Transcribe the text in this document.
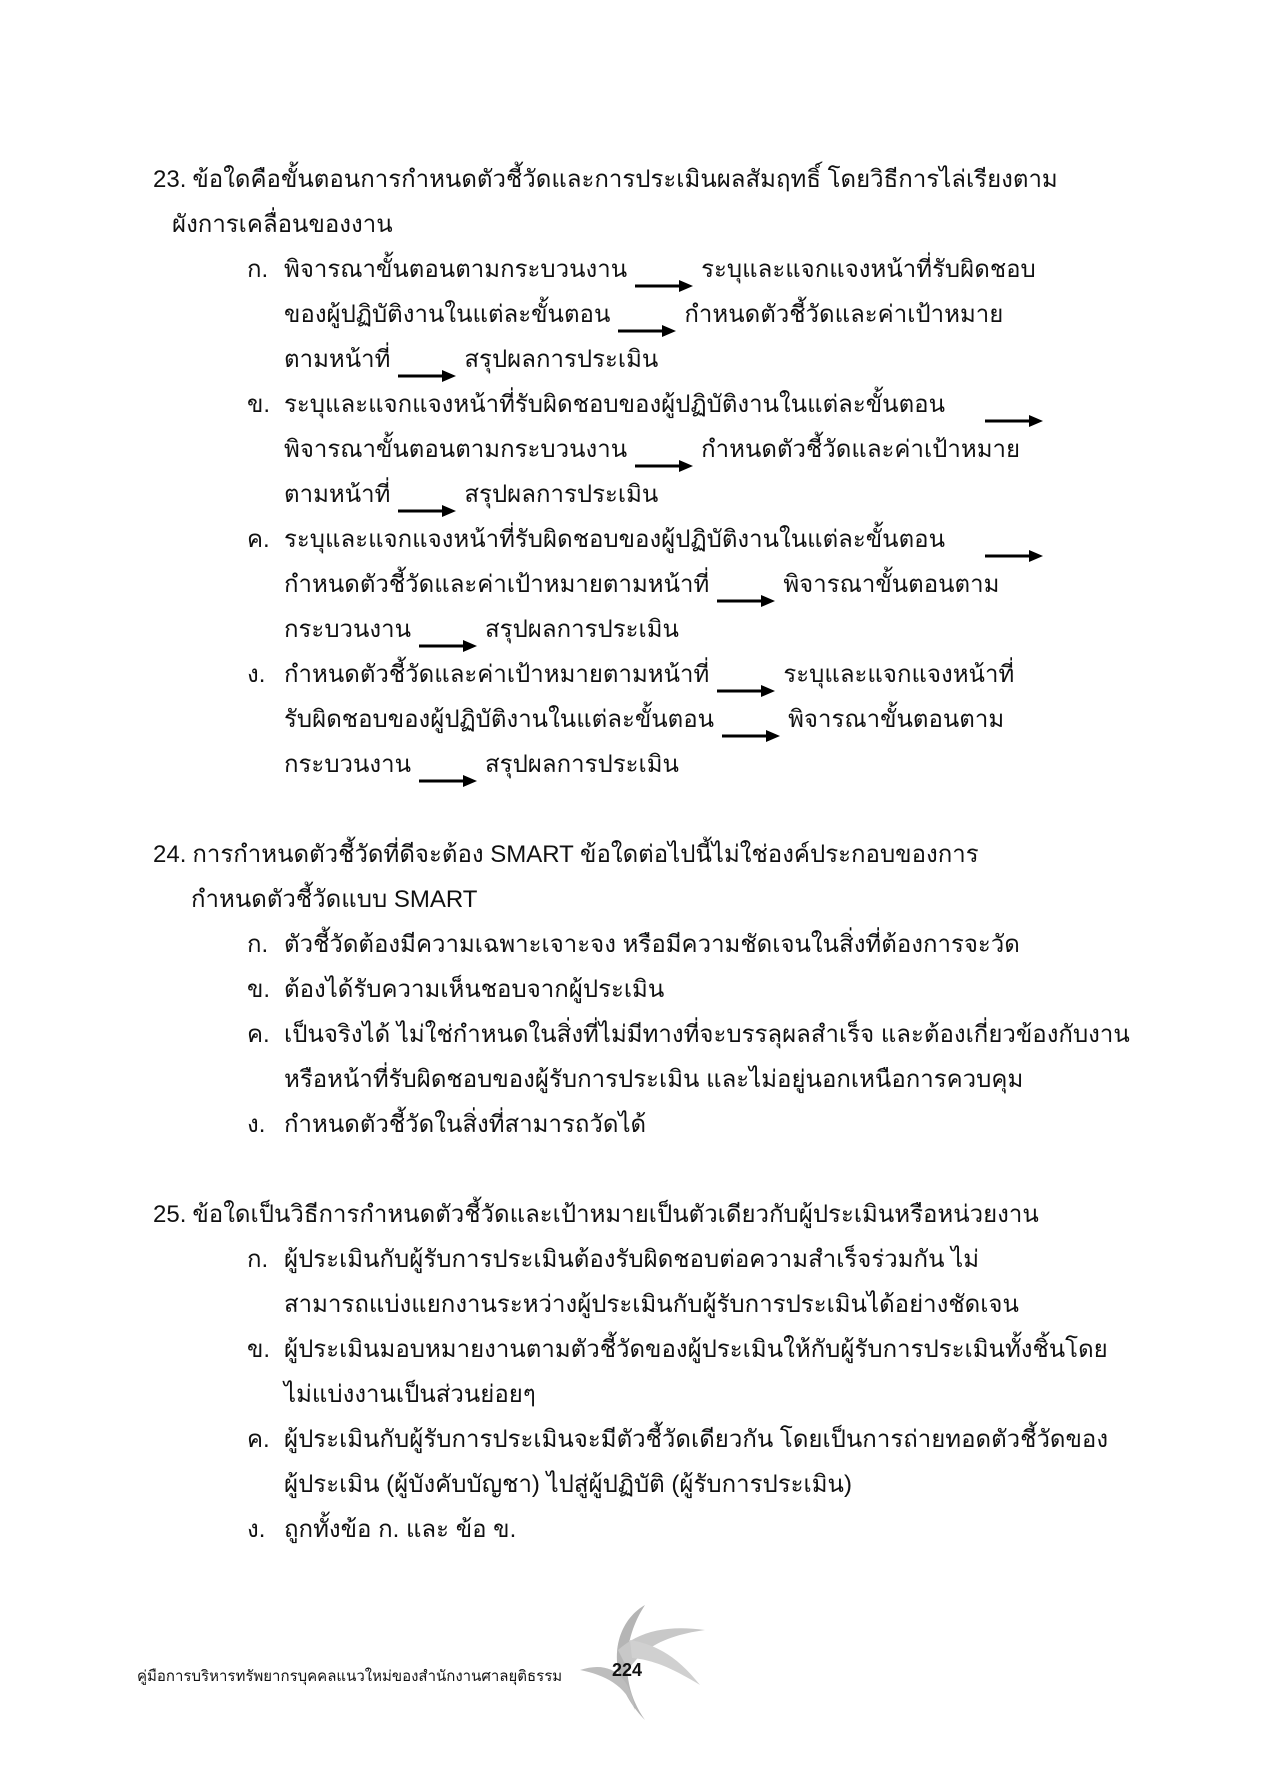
23. ข้อใดคือขั้นตอนการกำหนดตัวชี้วัดและการประเมินผลสัมฤทธิ์ โดยวิธีการไล่เรียงตาม
ผังการเคลื่อนของงาน
ก. พิจารณาขั้นตอนตามกระบวนงาน	ระบุและแจกแจงหน้าที่รับผิดชอบ
ของผู้ปฏิบัติงานในแต่ละขั้นตอน	กำหนดตัวชี้วัดและค่าเป้าหมาย
ตามหน้าที่	สรุปผลการประเมิน
ข. ระบุและแจกแจงหน้าที่รับผิดชอบของผู้ปฏิบัติงานในแต่ละขั้นตอน
พิจารณาขั้นตอนตามกระบวนงาน	กำหนดตัวชี้วัดและค่าเป้าหมาย
ตามหน้าที่	สรุปผลการประเมิน
ค. ระบุและแจกแจงหน้าที่รับผิดชอบของผู้ปฏิบัติงานในแต่ละขั้นตอน
กำหนดตัวชี้วัดและค่าเป้าหมายตามหน้าที่	พิจารณาขั้นตอนตาม
กระบวนงาน	สรุปผลการประเมิน
ง. กำหนดตัวชี้วัดและค่าเป้าหมายตามหน้าที่	ระบุและแจกแจงหน้าที่
รับผิดชอบของผู้ปฏิบัติงานในแต่ละขั้นตอน	พิจารณาขั้นตอนตาม
กระบวนงาน	สรุปผลการประเมิน
24. การกำหนดตัวชี้วัดที่ดีจะต้อง SMART ข้อใดต่อไปนี้ไม่ใช่องค์ประกอบของการ
กำหนดตัวชี้วัดแบบ SMART
ก. ตัวชี้วัดต้องมีความเฉพาะเจาะจง หรือมีความชัดเจนในสิ่งที่ต้องการจะวัด
ข. ต้องได้รับความเห็นชอบจากผู้ประเมิน
ค. เป็นจริงได้ ไม่ใช่กำหนดในสิ่งที่ไม่มีทางที่จะบรรลุผลสำเร็จ และต้องเกี่ยวข้องกับงาน
หรือหน้าที่รับผิดชอบของผู้รับการประเมิน และไม่อยู่นอกเหนือการควบคุม
ง. กำหนดตัวชี้วัดในสิ่งที่สามารถวัดได้
25. ข้อใดเป็นวิธีการกำหนดตัวชี้วัดและเป้าหมายเป็นตัวเดียวกับผู้ประเมินหรือหน่วยงาน
ก. ผู้ประเมินกับผู้รับการประเมินต้องรับผิดชอบต่อความสำเร็จร่วมกัน ไม่
สามารถแบ่งแยกงานระหว่างผู้ประเมินกับผู้รับการประเมินได้อย่างชัดเจน
ข. ผู้ประเมินมอบหมายงานตามตัวชี้วัดของผู้ประเมินให้กับผู้รับการประเมินทั้งชิ้นโดย
ไม่แบ่งงานเป็นส่วนย่อยๆ
ค. ผู้ประเมินกับผู้รับการประเมินจะมีตัวชี้วัดเดียวกัน โดยเป็นการถ่ายทอดตัวชี้วัดของ
ผู้ประเมิน (ผู้บังคับบัญชา) ไปสู่ผู้ปฏิบัติ (ผู้รับการประเมิน)
ง. ถูกทั้งข้อ ก. และ ข้อ ข.
คู่มือการบริหารทรัพยากรบุคคลแนวใหม่ของสำนักงานศาลยุติธรรม	224
